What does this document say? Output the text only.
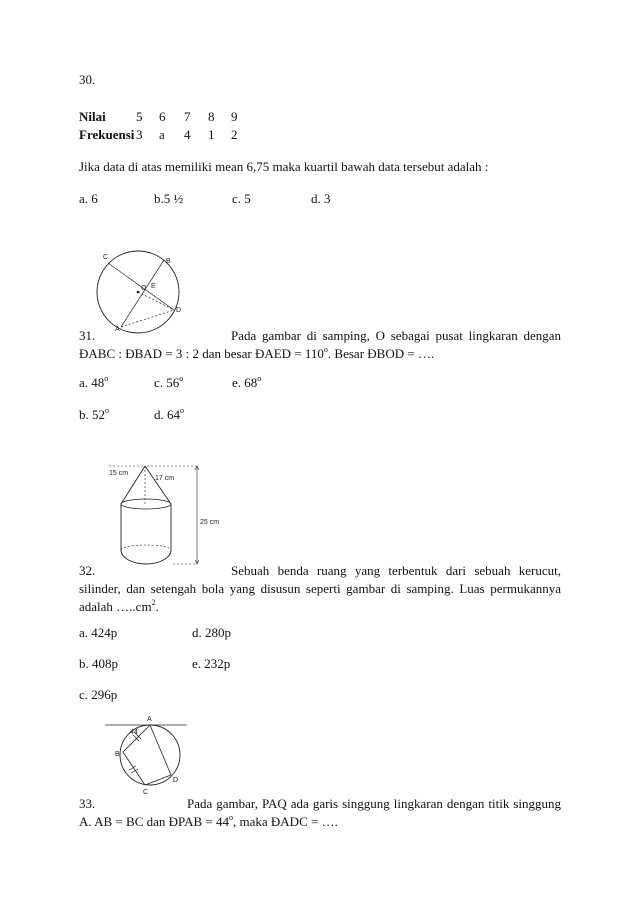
30.
Nilai 5 6 7 8 9
Frekuensi 3 a 4 1 2
Jika data di atas memiliki mean 6,75 maka kuartil bawah data tersebut adalah :
a. 6	b.5 ½	c. 5	d. 3
C
B
O E
D
A
31.	Pada gambar di samping, O sebagai pusat lingkaran dengan ÐABC : ÐBAD = 3 : 2 dan besar ÐAED = $110^o$. Besar ÐBOD = ….
a. 48$^o$	c. 56$^o$	e. 68$^o$
b. 52$^o$	d. 64$^o$
15 cm
17 cm
25 cm
32.	Sebuah benda ruang yang terbentuk dari sebuah kerucut, silinder, dan setengah bola yang disusun seperti gambar di samping. Luas permukannya adalah $\dots..cm^2$.
a. 424p	d. 280p
b. 408p	e. 232p
c. 296p
A
44
B
C
D
33.	Pada gambar, PAQ ada garis singgung lingkaran dengan titik singgung A. AB = BC dan ÐPAB = $44^o$, maka ÐADC = ….
